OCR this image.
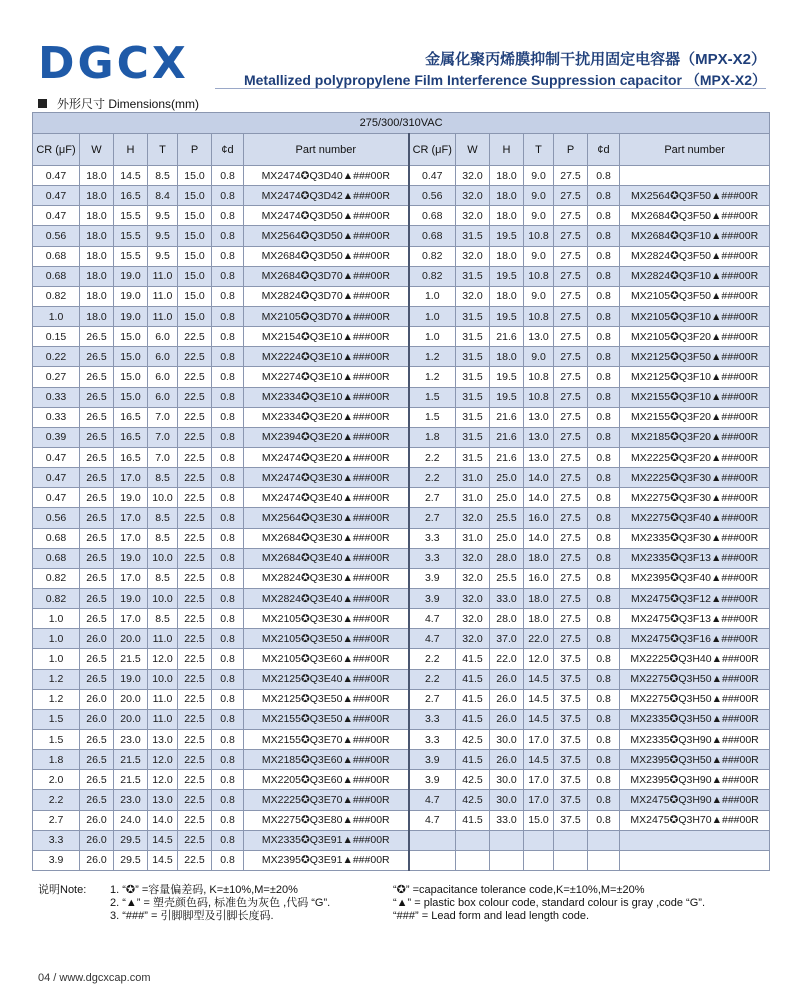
DGCX	金属化聚丙烯膜抑制干扰用固定电容器（MPX-X2）
Metallized polypropylene Film Interference Suppression capacitor （MPX-X2）
外形尺寸 Dimensions(mm)
275/300/310VAC													
CR (μF)	W	H	T	P	¢d	Part number	CR (μF)	W	H	T	P	¢d	Part number
0.47	18.0	14.5	8.5	15.0	0.8	MX2474✪Q3D40▲###00R	0.47	32.0	18.0	9.0	27.5	0.8	
0.47	18.0	16.5	8.4	15.0	0.8	MX2474✪Q3D42▲###00R	0.56	32.0	18.0	9.0	27.5	0.8	MX2564✪Q3F50▲###00R
0.47	18.0	15.5	9.5	15.0	0.8	MX2474✪Q3D50▲###00R	0.68	32.0	18.0	9.0	27.5	0.8	MX2684✪Q3F50▲###00R
0.56	18.0	15.5	9.5	15.0	0.8	MX2564✪Q3D50▲###00R	0.68	31.5	19.5	10.8	27.5	0.8	MX2684✪Q3F10▲###00R
0.68	18.0	15.5	9.5	15.0	0.8	MX2684✪Q3D50▲###00R	0.82	32.0	18.0	9.0	27.5	0.8	MX2824✪Q3F50▲###00R
0.68	18.0	19.0	11.0	15.0	0.8	MX2684✪Q3D70▲###00R	0.82	31.5	19.5	10.8	27.5	0.8	MX2824✪Q3F10▲###00R
0.82	18.0	19.0	11.0	15.0	0.8	MX2824✪Q3D70▲###00R	1.0	32.0	18.0	9.0	27.5	0.8	MX2105✪Q3F50▲###00R
1.0	18.0	19.0	11.0	15.0	0.8	MX2105✪Q3D70▲###00R	1.0	31.5	19.5	10.8	27.5	0.8	MX2105✪Q3F10▲###00R
0.15	26.5	15.0	6.0	22.5	0.8	MX2154✪Q3E10▲###00R	1.0	31.5	21.6	13.0	27.5	0.8	MX2105✪Q3F20▲###00R
0.22	26.5	15.0	6.0	22.5	0.8	MX2224✪Q3E10▲###00R	1.2	31.5	18.0	9.0	27.5	0.8	MX2125✪Q3F50▲###00R
0.27	26.5	15.0	6.0	22.5	0.8	MX2274✪Q3E10▲###00R	1.2	31.5	19.5	10.8	27.5	0.8	MX2125✪Q3F10▲###00R
0.33	26.5	15.0	6.0	22.5	0.8	MX2334✪Q3E10▲###00R	1.5	31.5	19.5	10.8	27.5	0.8	MX2155✪Q3F10▲###00R
0.33	26.5	16.5	7.0	22.5	0.8	MX2334✪Q3E20▲###00R	1.5	31.5	21.6	13.0	27.5	0.8	MX2155✪Q3F20▲###00R
0.39	26.5	16.5	7.0	22.5	0.8	MX2394✪Q3E20▲###00R	1.8	31.5	21.6	13.0	27.5	0.8	MX2185✪Q3F20▲###00R
0.47	26.5	16.5	7.0	22.5	0.8	MX2474✪Q3E20▲###00R	2.2	31.5	21.6	13.0	27.5	0.8	MX2225✪Q3F20▲###00R
0.47	26.5	17.0	8.5	22.5	0.8	MX2474✪Q3E30▲###00R	2.2	31.0	25.0	14.0	27.5	0.8	MX2225✪Q3F30▲###00R
0.47	26.5	19.0	10.0	22.5	0.8	MX2474✪Q3E40▲###00R	2.7	31.0	25.0	14.0	27.5	0.8	MX2275✪Q3F30▲###00R
0.56	26.5	17.0	8.5	22.5	0.8	MX2564✪Q3E30▲###00R	2.7	32.0	25.5	16.0	27.5	0.8	MX2275✪Q3F40▲###00R
0.68	26.5	17.0	8.5	22.5	0.8	MX2684✪Q3E30▲###00R	3.3	31.0	25.0	14.0	27.5	0.8	MX2335✪Q3F30▲###00R
0.68	26.5	19.0	10.0	22.5	0.8	MX2684✪Q3E40▲###00R	3.3	32.0	28.0	18.0	27.5	0.8	MX2335✪Q3F13▲###00R
0.82	26.5	17.0	8.5	22.5	0.8	MX2824✪Q3E30▲###00R	3.9	32.0	25.5	16.0	27.5	0.8	MX2395✪Q3F40▲###00R
0.82	26.5	19.0	10.0	22.5	0.8	MX2824✪Q3E40▲###00R	3.9	32.0	33.0	18.0	27.5	0.8	MX2475✪Q3F12▲###00R
1.0	26.5	17.0	8.5	22.5	0.8	MX2105✪Q3E30▲###00R	4.7	32.0	28.0	18.0	27.5	0.8	MX2475✪Q3F13▲###00R
1.0	26.0	20.0	11.0	22.5	0.8	MX2105✪Q3E50▲###00R	4.7	32.0	37.0	22.0	27.5	0.8	MX2475✪Q3F16▲###00R
1.0	26.5	21.5	12.0	22.5	0.8	MX2105✪Q3E60▲###00R	2.2	41.5	22.0	12.0	37.5	0.8	MX2225✪Q3H40▲###00R
1.2	26.5	19.0	10.0	22.5	0.8	MX2125✪Q3E40▲###00R	2.2	41.5	26.0	14.5	37.5	0.8	MX2275✪Q3H50▲###00R
1.2	26.0	20.0	11.0	22.5	0.8	MX2125✪Q3E50▲###00R	2.7	41.5	26.0	14.5	37.5	0.8	MX2275✪Q3H50▲###00R
1.5	26.0	20.0	11.0	22.5	0.8	MX2155✪Q3E50▲###00R	3.3	41.5	26.0	14.5	37.5	0.8	MX2335✪Q3H50▲###00R
1.5	26.5	23.0	13.0	22.5	0.8	MX2155✪Q3E70▲###00R	3.3	42.5	30.0	17.0	37.5	0.8	MX2335✪Q3H90▲###00R
1.8	26.5	21.5	12.0	22.5	0.8	MX2185✪Q3E60▲###00R	3.9	41.5	26.0	14.5	37.5	0.8	MX2395✪Q3H50▲###00R
2.0	26.5	21.5	12.0	22.5	0.8	MX2205✪Q3E60▲###00R	3.9	42.5	30.0	17.0	37.5	0.8	MX2395✪Q3H90▲###00R
2.2	26.5	23.0	13.0	22.5	0.8	MX2225✪Q3E70▲###00R	4.7	42.5	30.0	17.0	37.5	0.8	MX2475✪Q3H90▲###00R
2.7	26.0	24.0	14.0	22.5	0.8	MX2275✪Q3E80▲###00R	4.7	41.5	33.0	15.0	37.5	0.8	MX2475✪Q3H70▲###00R
3.3	26.0	29.5	14.5	22.5	0.8	MX2335✪Q3E91▲###00R							
3.9	26.0	29.5	14.5	22.5	0.8	MX2395✪Q3E91▲###00R							
说明Note:	1. “✪” =容量偏差码, K=±10%,M=±20%
2. “▲” = 塑壳颜色码, 标准色为灰色 ,代码 “G”.
3. “###” = 引脚脚型及引脚长度码.
“✪” =capacitance tolerance code,K=±10%,M=±20%
“▲” = plastic box colour code, standard colour is gray ,code “G”.
“###” = Lead form and lead length code.
04 / www.dgcxcap.com
